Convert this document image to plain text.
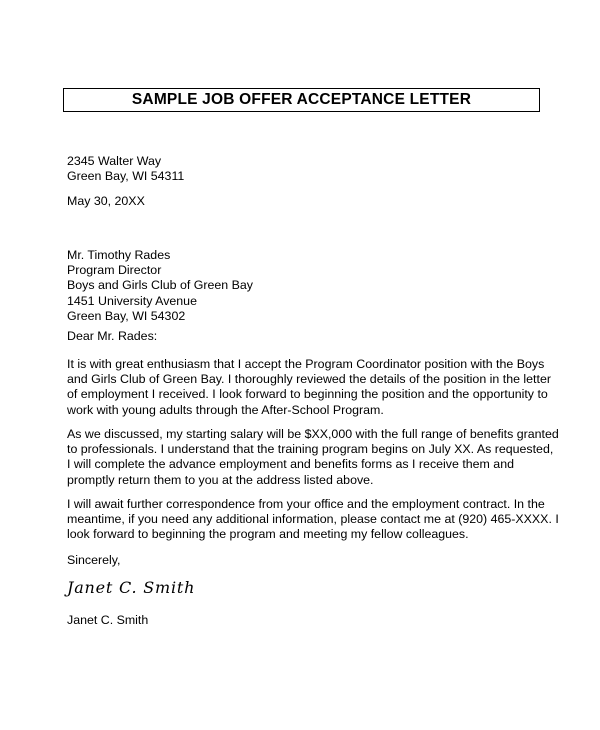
SAMPLE JOB OFFER ACCEPTANCE LETTER
2345 Walter Way
Green Bay, WI 54311
May 30, 20XX
Mr. Timothy Rades
Program Director
Boys and Girls Club of Green Bay
1451 University Avenue
Green Bay, WI 54302
Dear Mr. Rades:
It is with great enthusiasm that I accept the Program Coordinator position with the Boys
and Girls Club of Green Bay. I thoroughly reviewed the details of the position in the letter
of employment I received. I look forward to beginning the position and the opportunity to
work with young adults through the After-School Program.
As we discussed, my starting salary will be $XX,000 with the full range of benefits granted
to professionals. I understand that the training program begins on July XX. As requested,
I will complete the advance employment and benefits forms as I receive them and
promptly return them to you at the address listed above.
I will await further correspondence from your office and the employment contract. In the
meantime, if you need any additional information, please contact me at (920) 465-XXXX. I
look forward to beginning the program and meeting my fellow colleagues.
Sincerely,
Janet C. Smith
Janet C. Smith
